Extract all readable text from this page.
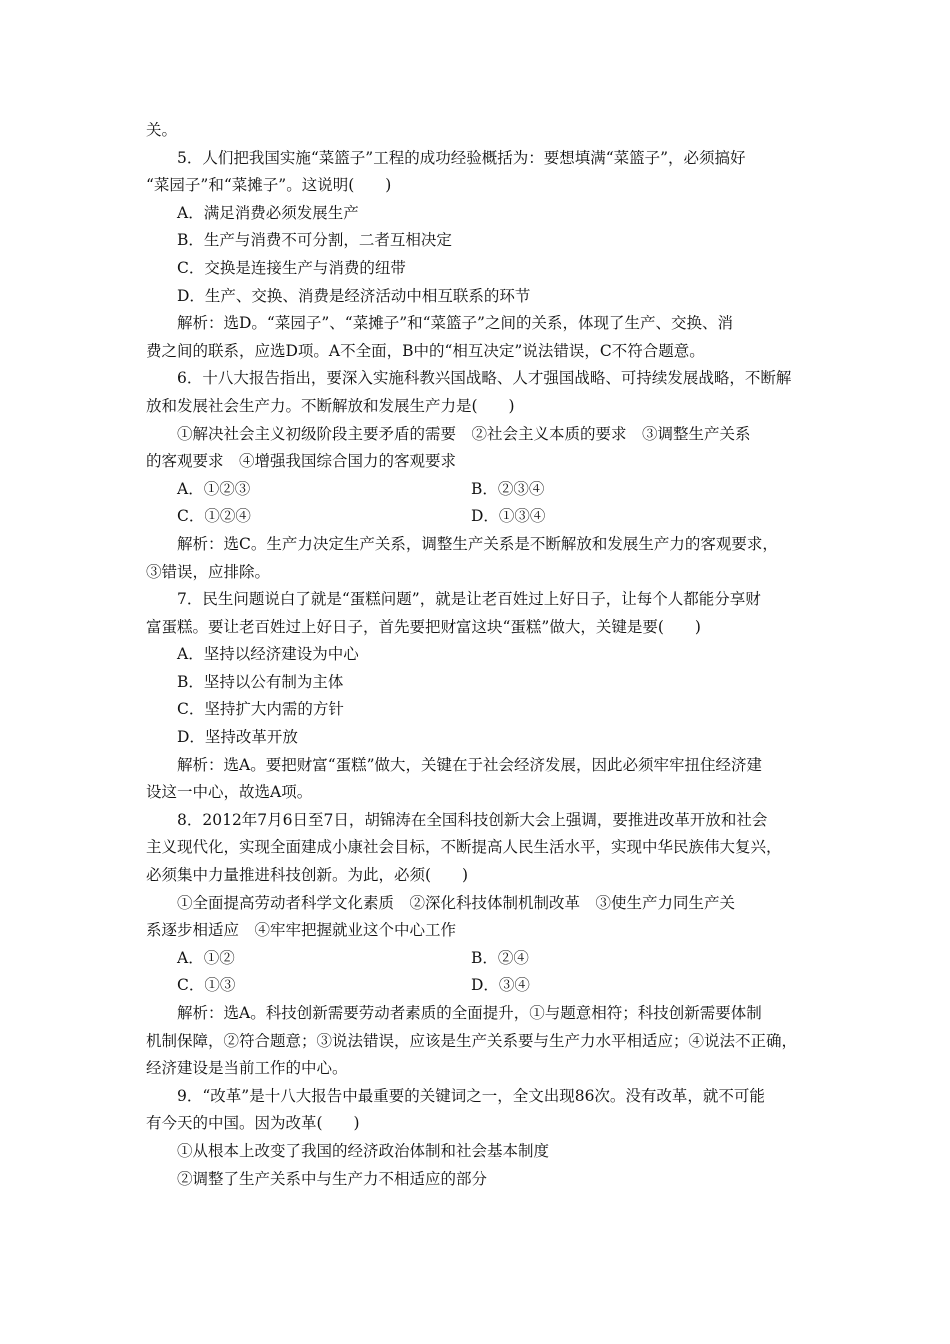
关。
5．人们把我国实施“菜篮子”工程的成功经验概括为：要想填满“菜篮子”，必须搞好
“菜园子”和“菜摊子”。这说明(　　)
A．满足消费必须发展生产
B．生产与消费不可分割，二者互相决定
C．交换是连接生产与消费的纽带
D．生产、交换、消费是经济活动中相互联系的环节
解析：选D。“菜园子”、“菜摊子”和“菜篮子”之间的关系，体现了生产、交换、消
费之间的联系，应选D项。A不全面，B中的“相互决定”说法错误，C不符合题意。
6．十八大报告指出，要深入实施科教兴国战略、人才强国战略、可持续发展战略，不断解
放和发展社会生产力。不断解放和发展生产力是(　　)
①解决社会主义初级阶段主要矛盾的需要　②社会主义本质的要求　③调整生产关系
的客观要求　④增强我国综合国力的客观要求
A．①②③	B．②③④
C．①②④	D．①③④
解析：选C。生产力决定生产关系，调整生产关系是不断解放和发展生产力的客观要求，
③错误，应排除。
7．民生问题说白了就是“蛋糕问题”，就是让老百姓过上好日子，让每个人都能分享财
富蛋糕。要让老百姓过上好日子，首先要把财富这块“蛋糕”做大，关键是要(　　)
A．坚持以经济建设为中心
B．坚持以公有制为主体
C．坚持扩大内需的方针
D．坚持改革开放
解析：选A。要把财富“蛋糕”做大，关键在于社会经济发展，因此必须牢牢扭住经济建
设这一中心，故选A项。
8．2012年7月6日至7日，胡锦涛在全国科技创新大会上强调，要推进改革开放和社会
主义现代化，实现全面建成小康社会目标，不断提高人民生活水平，实现中华民族伟大复兴，
必须集中力量推进科技创新。为此，必须(　　)
①全面提高劳动者科学文化素质　②深化科技体制机制改革　③使生产力同生产关
系逐步相适应　④牢牢把握就业这个中心工作
A．①②	B．②④
C．①③	D．③④
解析：选A。科技创新需要劳动者素质的全面提升，①与题意相符；科技创新需要体制
机制保障，②符合题意；③说法错误，应该是生产关系要与生产力水平相适应；④说法不正确，
经济建设是当前工作的中心。
9．“改革”是十八大报告中最重要的关键词之一，全文出现86次。没有改革，就不可能
有今天的中国。因为改革(　　)
①从根本上改变了我国的经济政治体制和社会基本制度
②调整了生产关系中与生产力不相适应的部分
